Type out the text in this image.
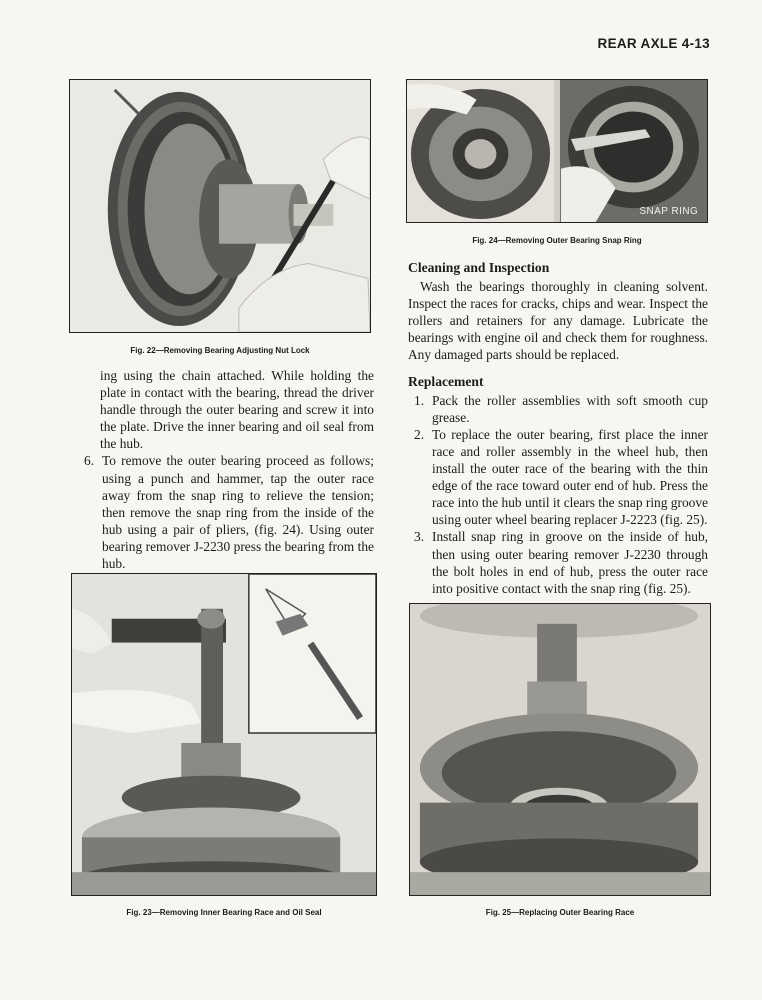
REAR AXLE 4-13
Fig. 22—Removing Bearing Adjusting Nut Lock
SNAP RING
Fig. 24—Removing Outer Bearing Snap Ring

ing using the chain attached. While holding the plate in contact with the bearing, thread the driver handle through the outer bearing and screw it into the plate. Drive the inner bearing and oil seal from the hub.

6. To remove the outer bearing proceed as follows; using a punch and hammer, tap the outer race away from the snap ring to relieve the tension; then remove the snap ring from the inside of the hub using a pair of pliers, (fig. 24). Using outer bearing remover J-2230 press the bearing from the hub.
Cleaning and Inspection

Wash the bearings thoroughly in cleaning solvent. Inspect the races for cracks, chips and wear. Inspect the rollers and retainers for any damage. Lubricate the bearings with engine oil and check them for roughness. Any damaged parts should be replaced.

Replacement
1. Pack the roller assemblies with soft smooth cup grease.
2. To replace the outer bearing, first place the inner race and roller assembly in the wheel hub, then install the outer race of the bearing with the thin edge of the race toward outer end of hub. Press the race into the hub until it clears the snap ring groove using outer wheel bearing replacer J-2223 (fig. 25).
3. Install snap ring in groove on the inside of hub, then using outer bearing remover J-2230 through the bolt holes in end of hub, press the outer race into positive contact with the snap ring (fig. 25).
Fig. 23—Removing Inner Bearing Race and Oil Seal	Fig. 25—Replacing Outer Bearing Race
